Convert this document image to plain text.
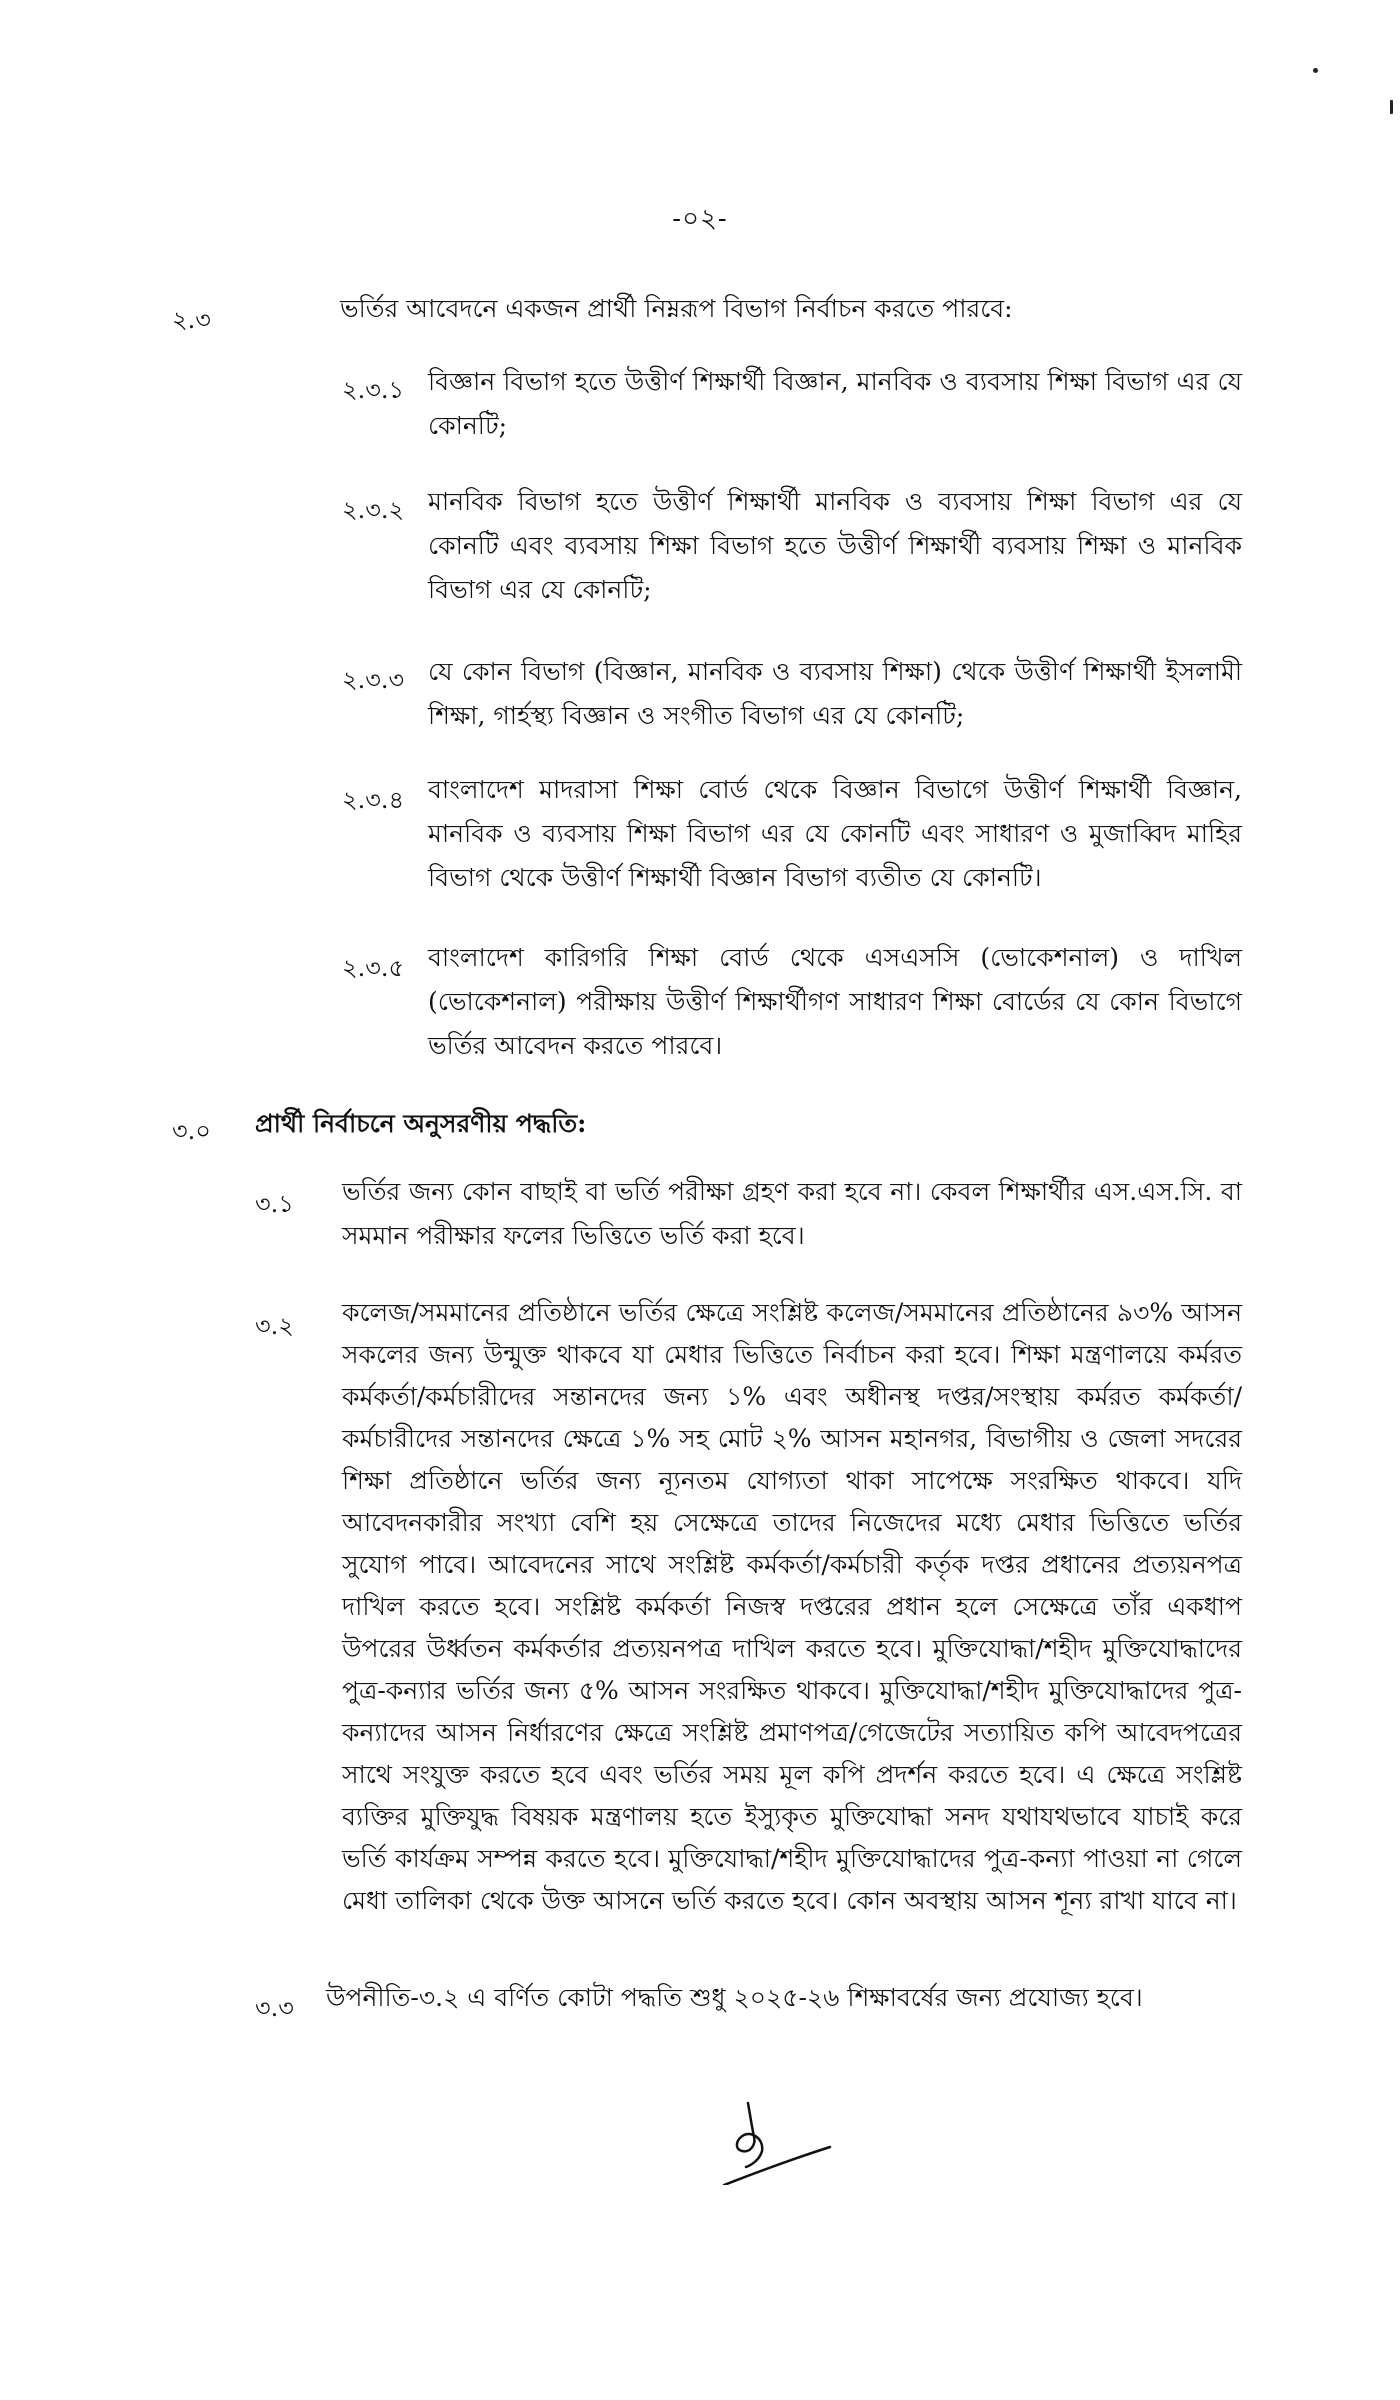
-০২-
২.৩	ভর্তির আবেদনে একজন প্রার্থী নিম্নরূপ বিভাগ নির্বাচন করতে পারবে:
২.৩.১ বিজ্ঞান বিভাগ হতে উত্তীর্ণ শিক্ষার্থী বিজ্ঞান, মানবিক ও ব্যবসায় শিক্ষা বিভাগ এর যে কোনটি;
২.৩.২ মানবিক বিভাগ হতে উত্তীর্ণ শিক্ষার্থী মানবিক ও ব্যবসায় শিক্ষা বিভাগ এর যে কোনটি এবং ব্যবসায় শিক্ষা বিভাগ হতে উত্তীর্ণ শিক্ষার্থী ব্যবসায় শিক্ষা ও মানবিক বিভাগ এর যে কোনটি;
২.৩.৩ যে কোন বিভাগ (বিজ্ঞান, মানবিক ও ব্যবসায় শিক্ষা) থেকে উত্তীর্ণ শিক্ষার্থী ইসলামী শিক্ষা, গার্হস্থ্য বিজ্ঞান ও সংগীত বিভাগ এর যে কোনটি;
২.৩.৪ বাংলাদেশ মাদরাসা শিক্ষা বোর্ড থেকে বিজ্ঞান বিভাগে উত্তীর্ণ শিক্ষার্থী বিজ্ঞান, মানবিক ও ব্যবসায় শিক্ষা বিভাগ এর যে কোনটি এবং সাধারণ ও মুজাব্বিদ মাহির বিভাগ থেকে উত্তীর্ণ শিক্ষার্থী বিজ্ঞান বিভাগ ব্যতীত যে কোনটি।
২.৩.৫ বাংলাদেশ কারিগরি শিক্ষা বোর্ড থেকে এসএসসি (ভোকেশনাল) ও দাখিল (ভোকেশনাল) পরীক্ষায় উত্তীর্ণ শিক্ষার্থীগণ সাধারণ শিক্ষা বোর্ডের যে কোন বিভাগে ভর্তির আবেদন করতে পারবে।
৩.০ প্রার্থী নির্বাচনে অনুসরণীয় পদ্ধতি:
৩.১ ভর্তির জন্য কোন বাছাই বা ভর্তি পরীক্ষা গ্রহণ করা হবে না। কেবল শিক্ষার্থীর এস.এস.সি. বা সমমান পরীক্ষার ফলের ভিত্তিতে ভর্তি করা হবে।
৩.২ কলেজ/সমমানের প্রতিষ্ঠানে ভর্তির ক্ষেত্রে সংশ্লিষ্ট কলেজ/সমমানের প্রতিষ্ঠানের ৯৩% আসন সকলের জন্য উন্মুক্ত থাকবে যা মেধার ভিত্তিতে নির্বাচন করা হবে। শিক্ষা মন্ত্রণালয়ে কর্মরত কর্মকর্তা/কর্মচারীদের সন্তানদের জন্য ১% এবং অধীনস্থ দপ্তর/সংস্থায় কর্মরত কর্মকর্তা/কর্মচারীদের সন্তানদের ক্ষেত্রে ১% সহ মোট ২% আসন মহানগর, বিভাগীয় ও জেলা সদরের শিক্ষা প্রতিষ্ঠানে ভর্তির জন্য ন্যূনতম যোগ্যতা থাকা সাপেক্ষে সংরক্ষিত থাকবে। যদি আবেদনকারীর সংখ্যা বেশি হয় সেক্ষেত্রে তাদের নিজেদের মধ্যে মেধার ভিত্তিতে ভর্তির সুযোগ পাবে। আবেদনের সাথে সংশ্লিষ্ট কর্মকর্তা/কর্মচারী কর্তৃক দপ্তর প্রধানের প্রত্যয়নপত্র দাখিল করতে হবে। সংশ্লিষ্ট কর্মকর্তা নিজস্ব দপ্তরের প্রধান হলে সেক্ষেত্রে তাঁর একধাপ উপরের উর্ধ্বতন কর্মকর্তার প্রত্যয়নপত্র দাখিল করতে হবে। মুক্তিযোদ্ধা/শহীদ মুক্তিযোদ্ধাদের পুত্র-কন্যার ভর্তির জন্য ৫% আসন সংরক্ষিত থাকবে। মুক্তিযোদ্ধা/শহীদ মুক্তিযোদ্ধাদের পুত্র-কন্যাদের আসন নির্ধারণের ক্ষেত্রে সংশ্লিষ্ট প্রমাণপত্র/গেজেটের সত্যায়িত কপি আবেদপত্রের সাথে সংযুক্ত করতে হবে এবং ভর্তির সময় মূল কপি প্রদর্শন করতে হবে। এ ক্ষেত্রে সংশ্লিষ্ট ব্যক্তির মুক্তিযুদ্ধ বিষয়ক মন্ত্রণালয় হতে ইস্যুকৃত মুক্তিযোদ্ধা সনদ যথাযথভাবে যাচাই করে ভর্তি কার্যক্রম সম্পন্ন করতে হবে। মুক্তিযোদ্ধা/শহীদ মুক্তিযোদ্ধাদের পুত্র-কন্যা পাওয়া না গেলে মেধা তালিকা থেকে উক্ত আসনে ভর্তি করতে হবে। কোন অবস্থায় আসন শূন্য রাখা যাবে না।
৩.৩ উপনীতি-৩.২ এ বর্ণিত কোটা পদ্ধতি শুধু ২০২৫-২৬ শিক্ষাবর্ষের জন্য প্রযোজ্য হবে।
